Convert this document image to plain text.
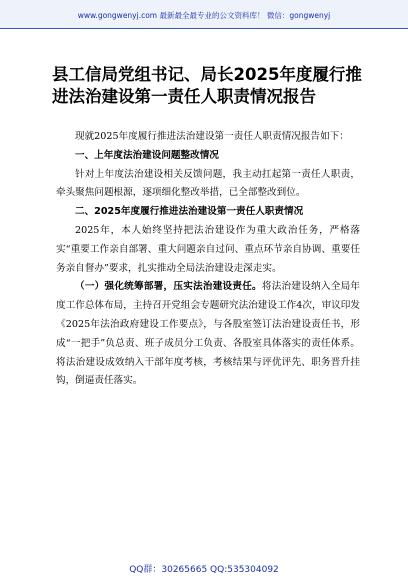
www.gongwenyj.com 最新最全最专业的公文资料库！ 微信：gongwenyj
县工信局党组书记、局长2025年度履行推
进法治建设第一责任人职责情况报告

现就2025年度履行推进法治建设第一责任人职责情况报告如下：

一、上年度法治建设问题整改情况

针对上年度法治建设相关反馈问题，我主动扛起第一责任人职责，牵头聚焦问题根源，逐项细化整改举措，已全部整改到位。

二、2025年度履行推进法治建设第一责任人职责情况

2025年，本人始终坚持把法治建设作为重大政治任务，严格落实“重要工作亲自部署、重大问题亲自过问、重点环节亲自协调、重要任务亲自督办”要求，扎实推动全局法治建设走深走实。

（一）强化统筹部署，压实法治建设责任。将法治建设纳入全局年度工作总体布局，主持召开党组会专题研究法治建设工作4次，审议印发《2025年法治政府建设工作要点》，与各股室签订法治建设责任书，形成“一把手”负总责、班子成员分工负责、各股室具体落实的责任体系。将法治建设成效纳入干部年度考核，考核结果与评优评先、职务晋升挂钩，倒逼责任落实。

QQ群：30265665 QQ:535304092
